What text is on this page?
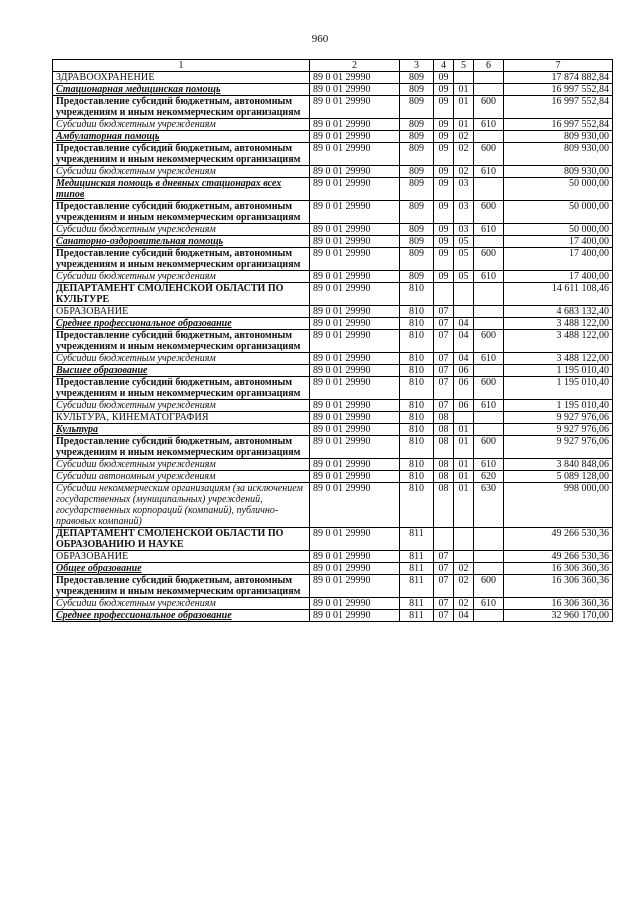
960
1	2	3	4	5	6	7
ЗДРАВООХРАНЕНИЕ	89 0 01 29990	809	09			17 874 882,84
Стационарная медицинская помощь	89 0 01 29990	809	09	01		16 997 552,84
Предоставление субсидий бюджетным, автономным учреждениям и иным некоммерческим организациям	89 0 01 29990	809	09	01	600	16 997 552,84
Субсидии бюджетным учреждениям	89 0 01 29990	809	09	01	610	16 997 552,84
Амбулаторная помощь	89 0 01 29990	809	09	02		809 930,00
Предоставление субсидий бюджетным, автономным учреждениям и иным некоммерческим организациям	89 0 01 29990	809	09	02	600	809 930,00
Субсидии бюджетным учреждениям	89 0 01 29990	809	09	02	610	809 930,00
Медицинская помощь в дневных стационарах всех типов	89 0 01 29990	809	09	03		50 000,00
Предоставление субсидий бюджетным, автономным учреждениям и иным некоммерческим организациям	89 0 01 29990	809	09	03	600	50 000,00
Субсидии бюджетным учреждениям	89 0 01 29990	809	09	03	610	50 000,00
Санаторно-оздоровительная помощь	89 0 01 29990	809	09	05		17 400,00
Предоставление субсидий бюджетным, автономным учреждениям и иным некоммерческим организациям	89 0 01 29990	809	09	05	600	17 400,00
Субсидии бюджетным учреждениям	89 0 01 29990	809	09	05	610	17 400,00
ДЕПАРТАМЕНТ СМОЛЕНСКОЙ ОБЛАСТИ ПО КУЛЬТУРЕ	89 0 01 29990	810				14 611 108,46
ОБРАЗОВАНИЕ	89 0 01 29990	810	07			4 683 132,40
Среднее профессиональное образование	89 0 01 29990	810	07	04		3 488 122,00
Предоставление субсидий бюджетным, автономным учреждениям и иным некоммерческим организациям	89 0 01 29990	810	07	04	600	3 488 122,00
Субсидии бюджетным учреждениям	89 0 01 29990	810	07	04	610	3 488 122,00
Высшее образование	89 0 01 29990	810	07	06		1 195 010,40
Предоставление субсидий бюджетным, автономным учреждениям и иным некоммерческим организациям	89 0 01 29990	810	07	06	600	1 195 010,40
Субсидии бюджетным учреждениям	89 0 01 29990	810	07	06	610	1 195 010,40
КУЛЬТУРА, КИНЕМАТОГРАФИЯ	89 0 01 29990	810	08			9 927 976,06
Культура	89 0 01 29990	810	08	01		9 927 976,06
Предоставление субсидий бюджетным, автономным учреждениям и иным некоммерческим организациям	89 0 01 29990	810	08	01	600	9 927 976,06
Субсидии бюджетным учреждениям	89 0 01 29990	810	08	01	610	3 840 848,06
Субсидии автономным учреждениям	89 0 01 29990	810	08	01	620	5 089 128,00
Субсидии некоммерческим организациям (за исключением государственных (муниципальных) учреждений, государственных корпораций (компаний), публично-правовых компаний)	89 0 01 29990	810	08	01	630	998 000,00
ДЕПАРТАМЕНТ СМОЛЕНСКОЙ ОБЛАСТИ ПО ОБРАЗОВАНИЮ И НАУКЕ	89 0 01 29990	811				49 266 530,36
ОБРАЗОВАНИЕ	89 0 01 29990	811	07			49 266 530,36
Общее образование	89 0 01 29990	811	07	02		16 306 360,36
Предоставление субсидий бюджетным, автономным учреждениям и иным некоммерческим организациям	89 0 01 29990	811	07	02	600	16 306 360,36
Субсидии бюджетным учреждениям	89 0 01 29990	811	07	02	610	16 306 360,36
Среднее профессиональное образование	89 0 01 29990	811	07	04		32 960 170,00
